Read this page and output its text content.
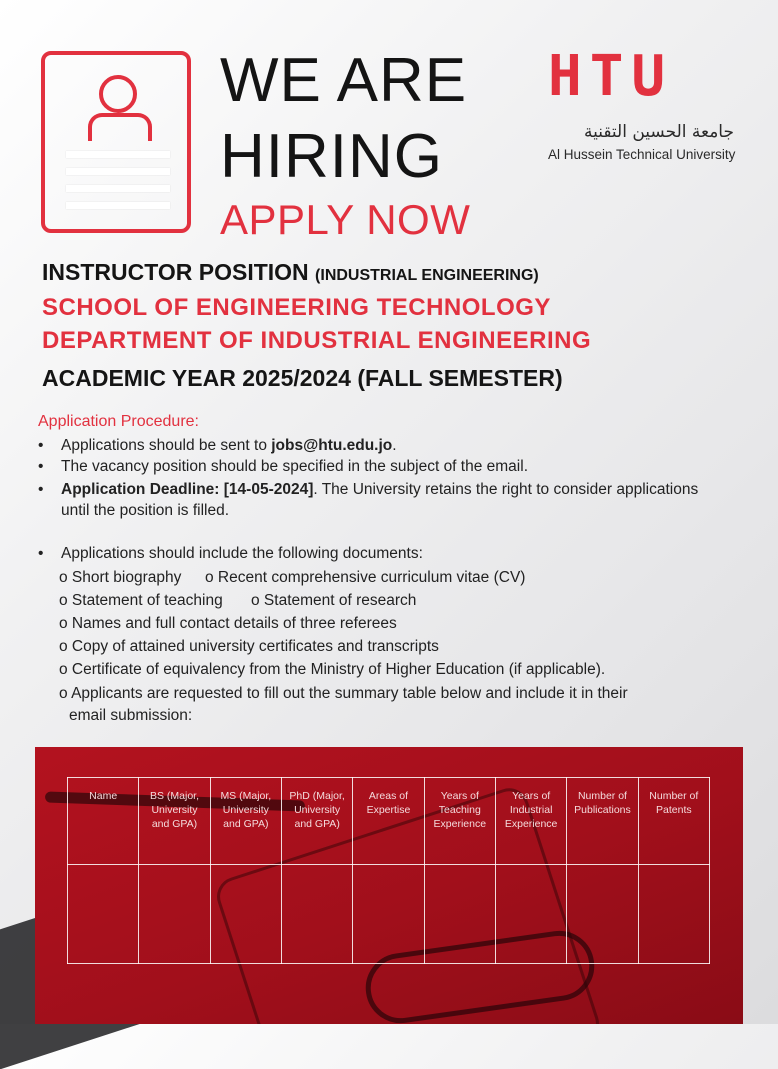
WE ARE
HIRING
APPLY NOW
HTU
جامعة الحسين التقنية
Al Hussein Technical University
INSTRUCTOR POSITION (INDUSTRIAL ENGINEERING)
SCHOOL OF ENGINEERING TECHNOLOGY
DEPARTMENT OF INDUSTRIAL ENGINEERING
ACADEMIC YEAR 2025/2024 (FALL SEMESTER)
Application Procedure:
• Applications should be sent to jobs@htu.edu.jo.
• The vacancy position should be specified in the subject of the email.
• Application Deadline: [14-05-2024]. The University retains the right to consider applications until the position is filled.
• Applications should include the following documents:
o Short biography o Recent comprehensive curriculum vitae (CV)
o Statement of teaching o Statement of research
o Names and full contact details of three referees
o Copy of attained university certificates and transcripts
o Certificate of equivalency from the Ministry of Higher Education (if applicable).
o Applicants are requested to fill out the summary table below and include it in their
email submission:
Name	BS (Major, University and GPA)	MS (Major, University and GPA)	PhD (Major, University and GPA)	Areas of Expertise	Years of Teaching Experience	Years of Industrial Experience	Number of Publications	Number of Patents
